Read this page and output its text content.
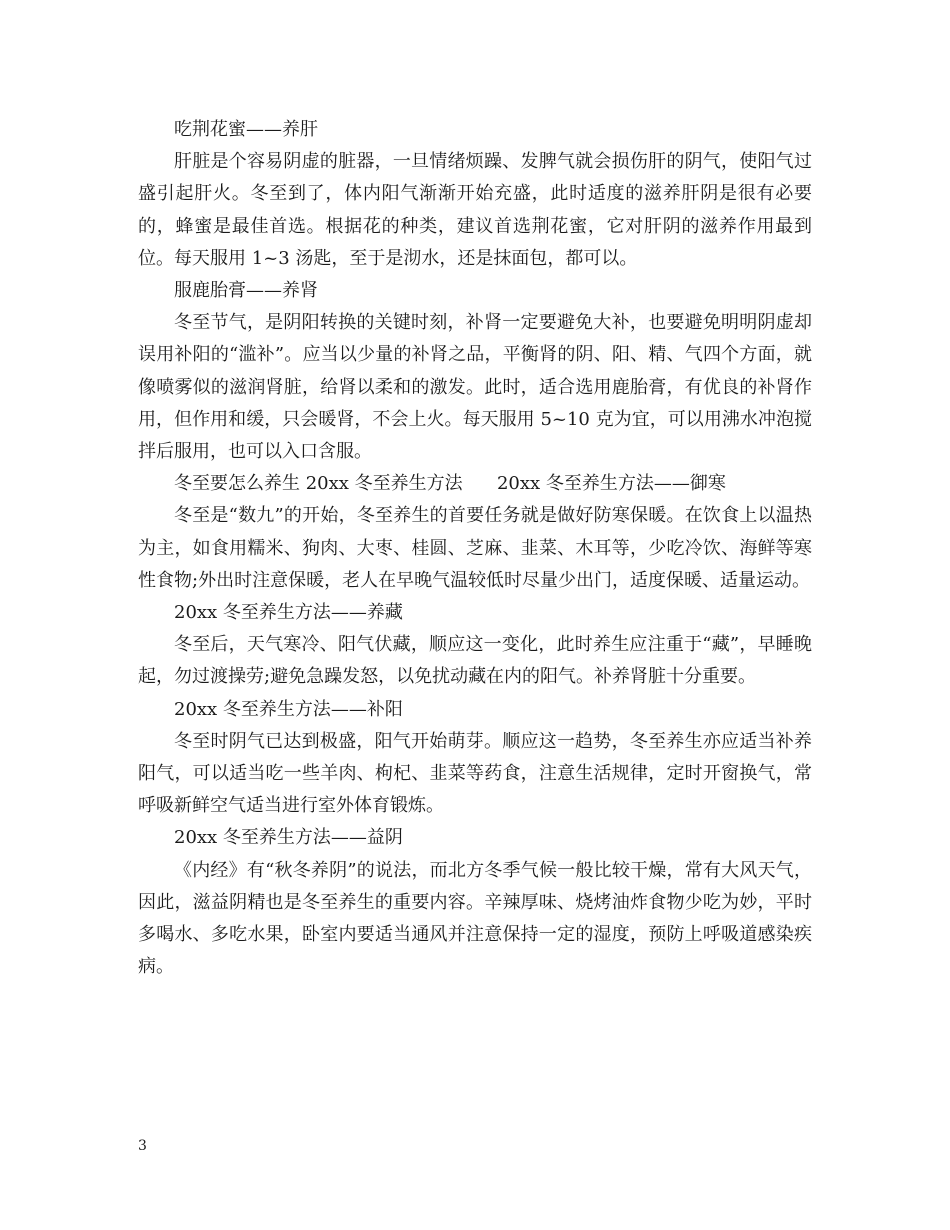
吃荆花蜜——养肝

肝脏是个容易阴虚的脏器，一旦情绪烦躁、发脾气就会损伤肝的阴气，使阳气过盛引起肝火。冬至到了，体内阳气渐渐开始充盛，此时适度的滋养肝阴是很有必要的，蜂蜜是最佳首选。根据花的种类，建议首选荆花蜜，它对肝阴的滋养作用最到位。每天服用 1~3 汤匙，至于是沏水，还是抹面包，都可以。

服鹿胎膏——养肾

冬至节气，是阴阳转换的关键时刻，补肾一定要避免大补，也要避免明明阴虚却误用补阳的“滥补”。应当以少量的补肾之品，平衡肾的阴、阳、精、气四个方面，就像喷雾似的滋润肾脏，给肾以柔和的激发。此时，适合选用鹿胎膏，有优良的补肾作用，但作用和缓，只会暖肾，不会上火。每天服用 5~10 克为宜，可以用沸水冲泡搅拌后服用，也可以入口含服。

冬至要怎么养生 20xx 冬至养生方法      20xx 冬至养生方法——御寒

冬至是“数九”的开始，冬至养生的首要任务就是做好防寒保暖。在饮食上以温热为主，如食用糯米、狗肉、大枣、桂圆、芝麻、韭菜、木耳等，少吃冷饮、海鲜等寒性食物;外出时注意保暖，老人在早晚气温较低时尽量少出门，适度保暖、适量运动。

20xx 冬至养生方法——养藏

冬至后，天气寒冷、阳气伏藏，顺应这一变化，此时养生应注重于“藏”，早睡晚起，勿过渡操劳;避免急躁发怒，以免扰动藏在内的阳气。补养肾脏十分重要。

20xx 冬至养生方法——补阳

冬至时阴气已达到极盛，阳气开始萌芽。顺应这一趋势，冬至养生亦应适当补养阳气，可以适当吃一些羊肉、枸杞、韭菜等药食，注意生活规律，定时开窗换气，常呼吸新鲜空气适当进行室外体育锻炼。

20xx 冬至养生方法——益阴

《内经》有“秋冬养阴”的说法，而北方冬季气候一般比较干燥，常有大风天气，因此，滋益阴精也是冬至养生的重要内容。辛辣厚味、烧烤油炸食物少吃为妙，平时多喝水、多吃水果，卧室内要适当通风并注意保持一定的湿度，预防上呼吸道感染疾病。

3
